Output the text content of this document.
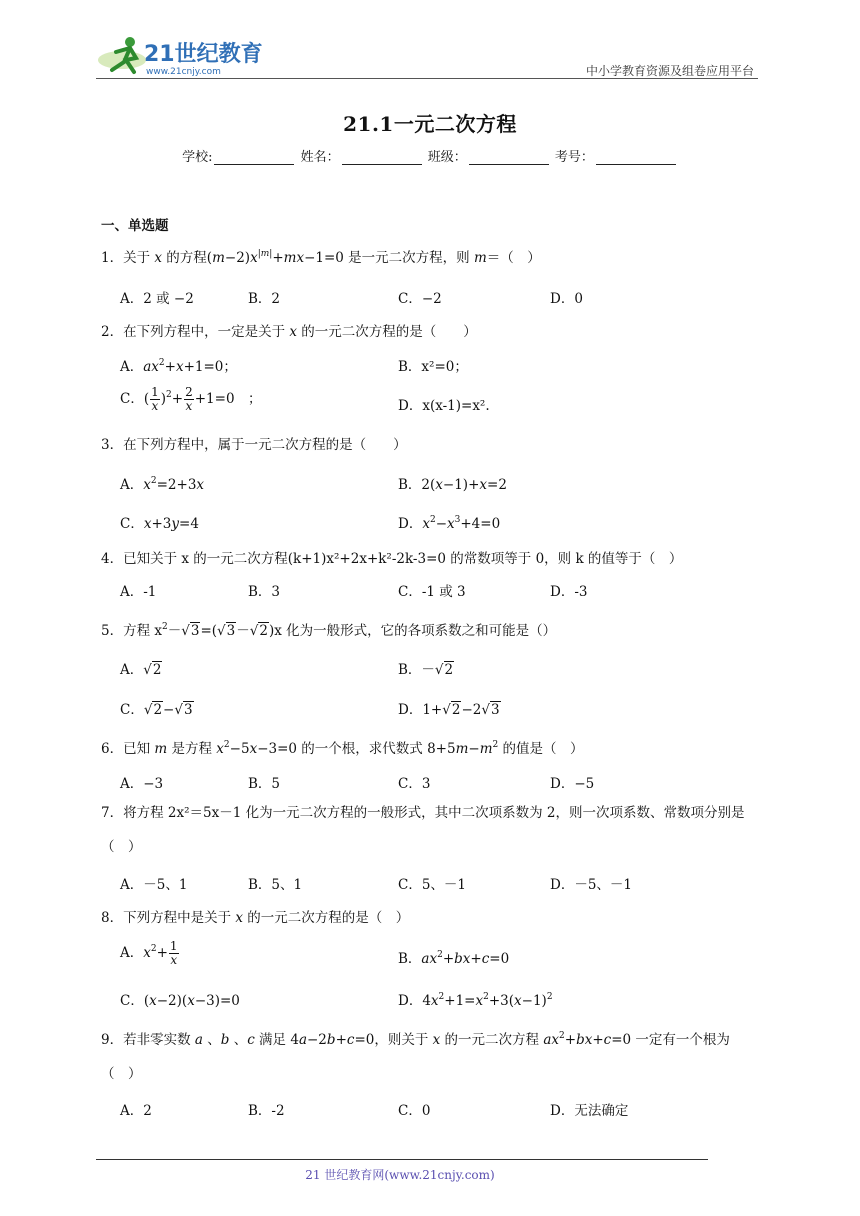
21世纪教育
www.21cnjy.com	中小学教育资源及组卷应用平台
21.1一元二次方程
学校:	姓名：	班级：	考号：
一、单选题
1．关于 x 的方程$(m-2)x^{|m|}+mx-1=0$ 是一元二次方程，则 m＝（　）
A．2 或 −2	B．2	C．−2	D．0
2．在下列方程中，一定是关于 x 的一元二次方程的是（　　）
A．$ax^2+x+1=0$；	B．x²=0；
C．( $\frac{1}{x} )^2+ \frac{2}{x} +1=0$　；	D．x(x-1)=x².
3．在下列方程中，属于一元二次方程的是（　　）
A．$x^2=2+3x$	B．2(x−1)+x=2
C．x+3y=4	D．$x^2-x^3+4=0$
4．已知关于 x 的一元二次方程(k+1)x²+2x+k²-2k-3=0 的常数项等于 0，则 k 的值等于（　）
A．-1	B．3	C．-1 或 3	D．-3
5．方程 $x^2-√3=(√3-√2)x$ 化为一般形式，它的各项系数之和可能是（）
A．√2	B．－√2
C．√2−√3	D．1+√2−2√3
6．已知 m 是方程 $x^2-5x-3=0$ 的一个根，求代数式 $8+5m-m^2$ 的值是（　）
A．−3	B．5	C．3	D．−5
7．将方程 2x²＝5x－1 化为一元二次方程的一般形式，其中二次项系数为 2，则一次项系数、常数项分别是（　）
A．－5、1	B．5、1	C．5、－1	D．－5、－1
8．下列方程中是关于 x 的一元二次方程的是（　）
A．$x^2+ \frac{1}{x}$	B．$ax^2+bx+c=0$
C．(x−2)(x−3)=0	D．$4x^2+1=x^2+3(x-1)^2$
9．若非零实数 a 、b 、c 满足 4a−2b+c=0，则关于 x 的一元二次方程 $ax^2+bx+c=0$ 一定有一个根为（　）
A．2	B．-2	C．0	D．无法确定
21 世纪教育网(www.21cnjy.com)
